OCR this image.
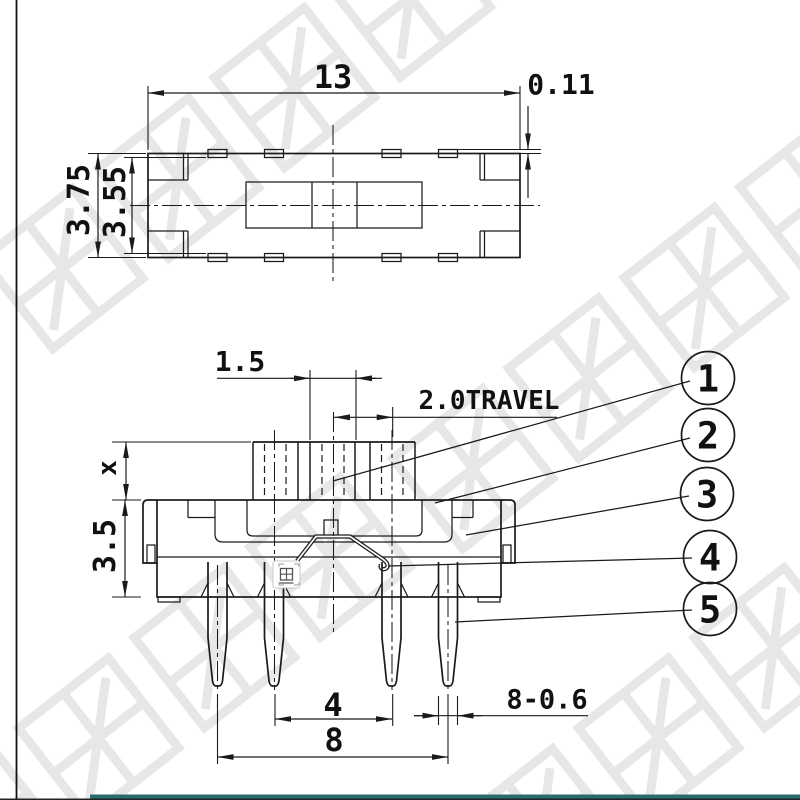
13	0.11
3.75 3.55
1.5
2.0TRAVEL
x
3.5
4
8
8-0.6
1
2
3
4
5
